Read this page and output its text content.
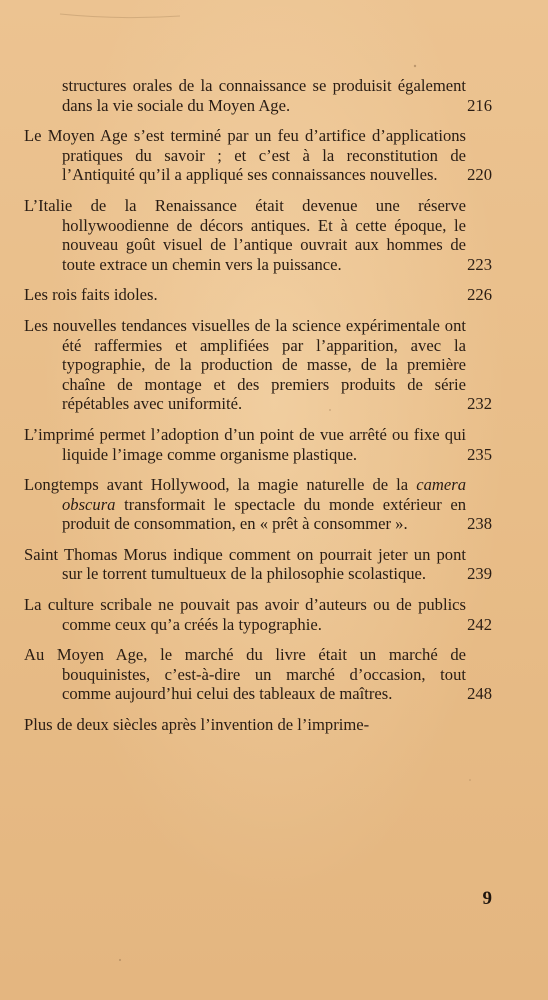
structures orales de la connaissance se produisit également dans la vie sociale du Moyen Age.	216
Le Moyen Age s’est terminé par un feu d’artifice d’applications pratiques du savoir ; et c’est à la reconstitution de l’Antiquité qu’il a appliqué ses connaissances nouvelles.	220
L’Italie de la Renaissance était devenue une réserve hollywoodienne de décors antiques. Et à cette époque, le nouveau goût visuel de l’antique ouvrait aux hommes de toute extrace un chemin vers la puissance.	223
Les rois faits idoles.	226
Les nouvelles tendances visuelles de la science expérimentale ont été raffermies et amplifiées par l’apparition, avec la typographie, de la production de masse, de la première chaîne de montage et des premiers produits de série répétables avec uniformité.	232
L’imprimé permet l’adoption d’un point de vue arrêté ou fixe qui liquide l’image comme organisme plastique.	235
Longtemps avant Hollywood, la magie naturelle de la camera obscura transformait le spectacle du monde extérieur en produit de consommation, en « prêt à consommer ».	238
Saint Thomas Morus indique comment on pourrait jeter un pont sur le torrent tumultueux de la philosophie scolastique.	239
La culture scribale ne pouvait pas avoir d’auteurs ou de publics comme ceux qu’a créés la typographie.	242
Au Moyen Age, le marché du livre était un marché de bouquinistes, c’est-à-dire un marché d’occasion, tout comme aujourd’hui celui des tableaux de maîtres.	248
Plus de deux siècles après l’invention de l’imprime-
9
